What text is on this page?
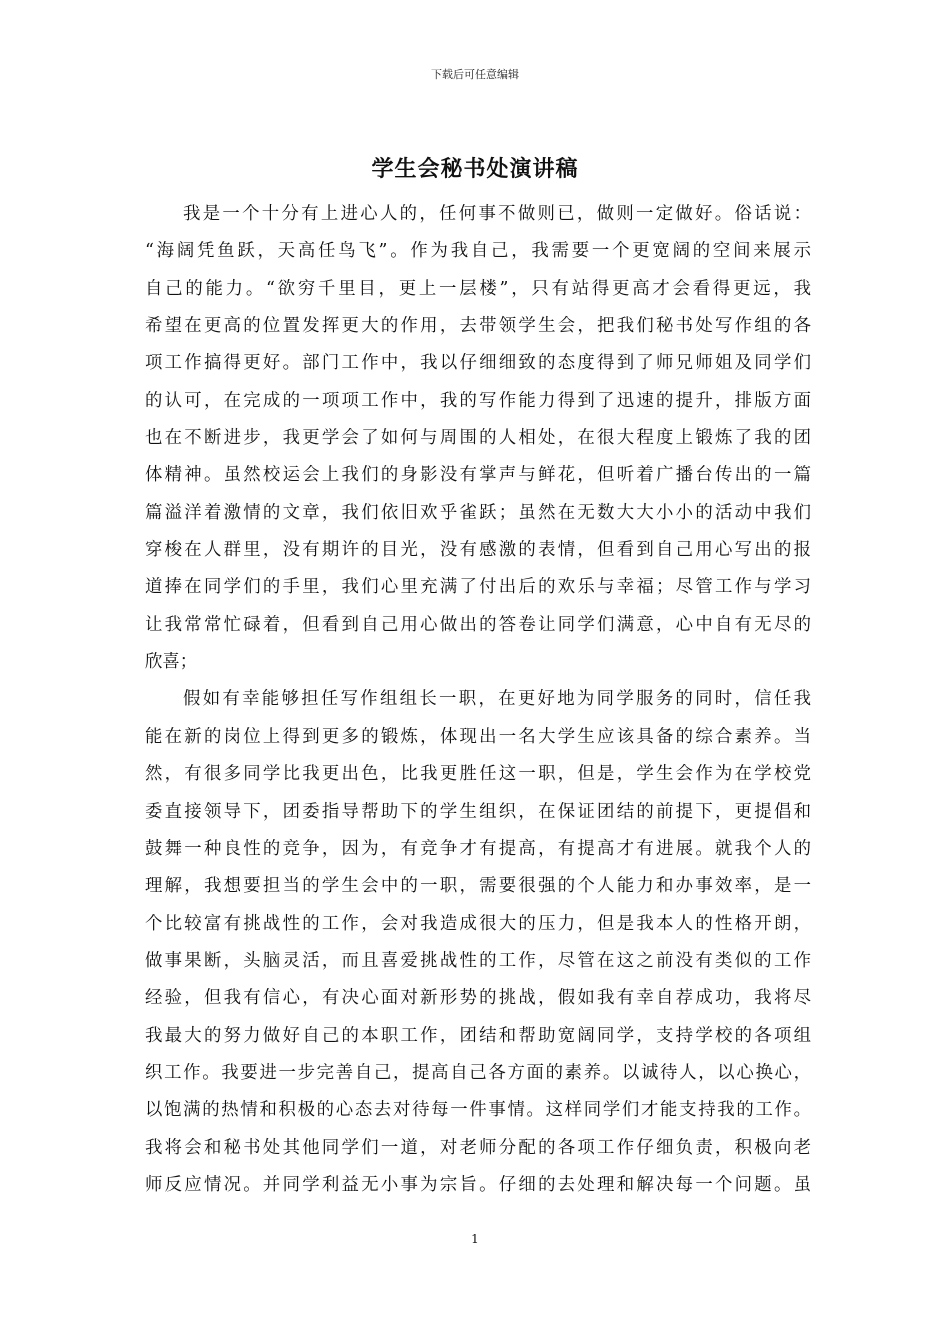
下载后可任意编辑
学生会秘书处演讲稿
我是一个十分有上进心人的，任何事不做则已，做则一定做好。俗话说：
“海阔凭鱼跃，天高任鸟飞”。作为我自己，我需要一个更宽阔的空间来展示
自己的能力。“欲穷千里目，更上一层楼”，只有站得更高才会看得更远，我
希望在更高的位置发挥更大的作用，去带领学生会，把我们秘书处写作组的各
项工作搞得更好。部门工作中，我以仔细细致的态度得到了师兄师姐及同学们
的认可，在完成的一项项工作中，我的写作能力得到了迅速的提升，排版方面
也在不断进步，我更学会了如何与周围的人相处，在很大程度上锻炼了我的团
体精神。虽然校运会上我们的身影没有掌声与鲜花，但听着广播台传出的一篇
篇溢洋着激情的文章，我们依旧欢乎雀跃；虽然在无数大大小小的活动中我们
穿梭在人群里，没有期许的目光，没有感激的表情，但看到自己用心写出的报
道捧在同学们的手里，我们心里充满了付出后的欢乐与幸福；尽管工作与学习
让我常常忙碌着，但看到自己用心做出的答卷让同学们满意，心中自有无尽的
欣喜；
假如有幸能够担任写作组组长一职，在更好地为同学服务的同时，信任我
能在新的岗位上得到更多的锻炼，体现出一名大学生应该具备的综合素养。当
然，有很多同学比我更出色，比我更胜任这一职，但是，学生会作为在学校党
委直接领导下，团委指导帮助下的学生组织，在保证团结的前提下，更提倡和
鼓舞一种良性的竞争，因为，有竞争才有提高，有提高才有进展。就我个人的
理解，我想要担当的学生会中的一职，需要很强的个人能力和办事效率，是一
个比较富有挑战性的工作，会对我造成很大的压力，但是我本人的性格开朗，
做事果断，头脑灵活，而且喜爱挑战性的工作，尽管在这之前没有类似的工作
经验，但我有信心，有决心面对新形势的挑战，假如我有幸自荐成功，我将尽
我最大的努力做好自己的本职工作，团结和帮助宽阔同学，支持学校的各项组
织工作。我要进一步完善自己，提高自己各方面的素养。以诚待人，以心换心，
以饱满的热情和积极的心态去对待每一件事情。这样同学们才能支持我的工作。
我将会和秘书处其他同学们一道，对老师分配的各项工作仔细负责，积极向老
师反应情况。并同学利益无小事为宗旨。仔细的去处理和解决每一个问题。虽
1
